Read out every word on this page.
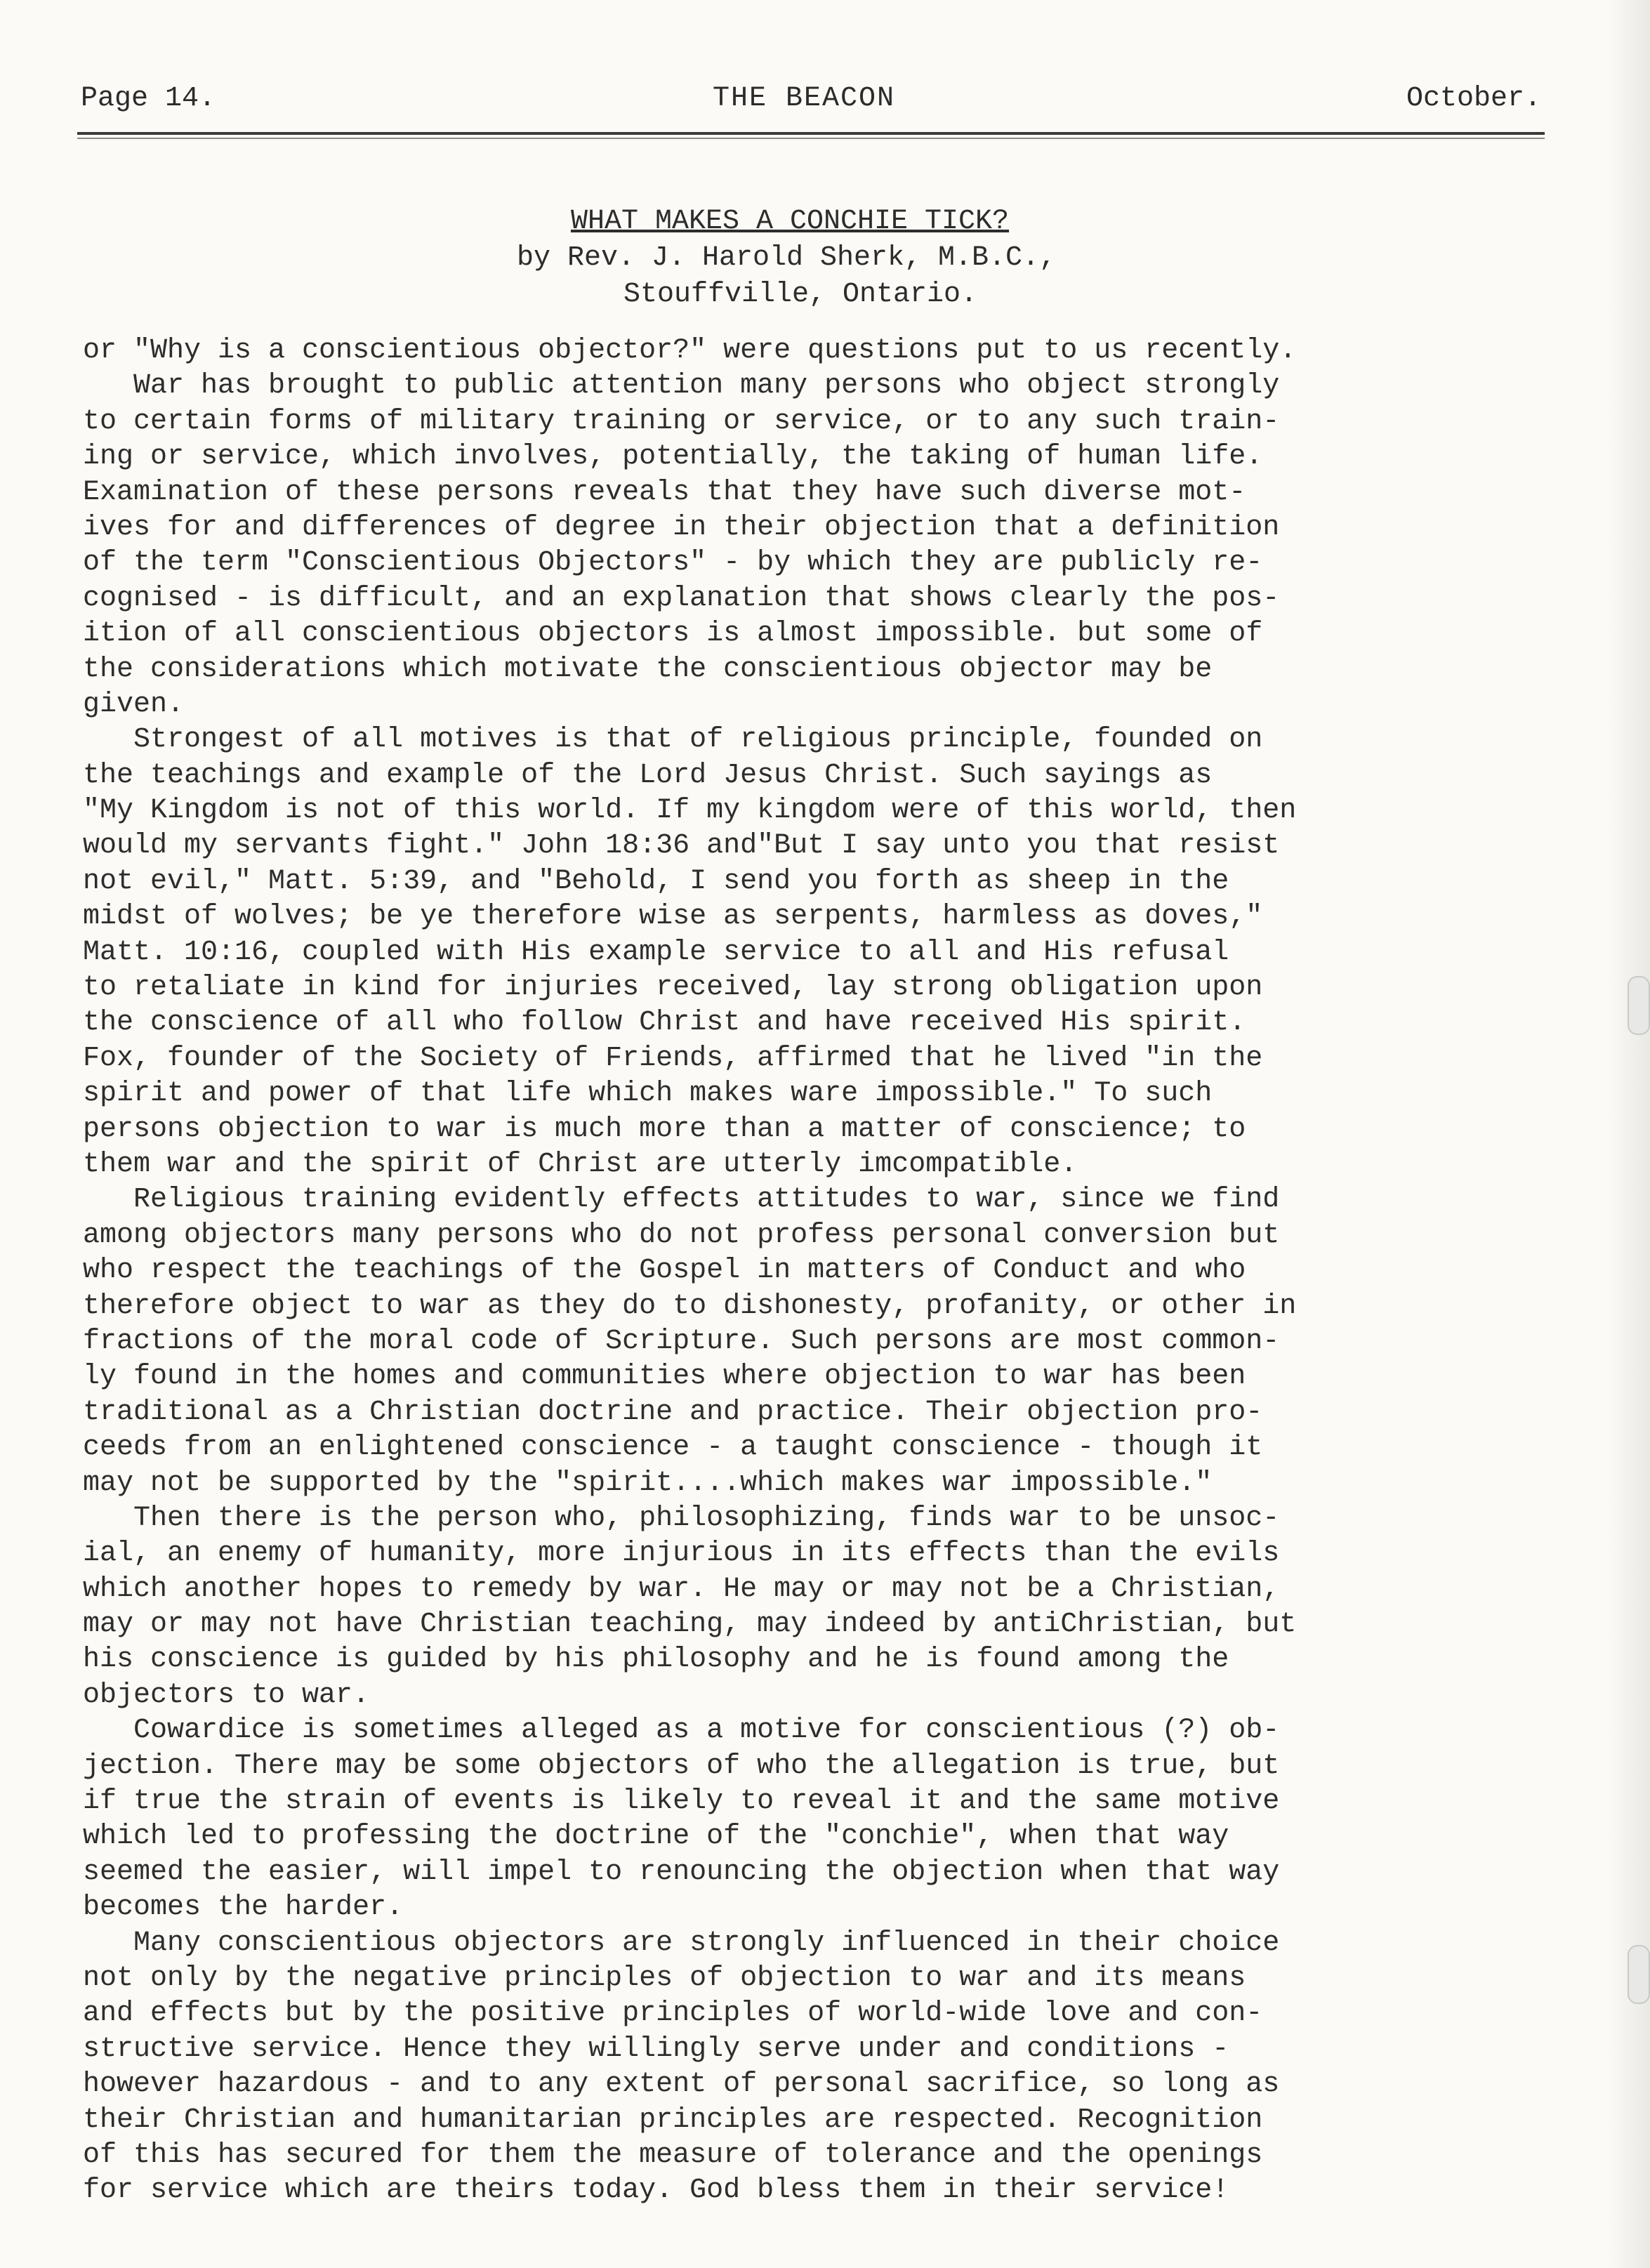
Page 14.	THE BEACON	October.
WHAT MAKES A CONCHIE TICK?
by Rev. J. Harold Sherk, M.B.C.,
Stouffville, Ontario.
or "Why is a conscientious objector?" were questions put to us recently.
War has brought to public attention many persons who object strongly
to certain forms of military training or service, or to any such train-
ing or service, which involves, potentially, the taking of human life.
Examination of these persons reveals that they have such diverse mot-
ives for and differences of degree in their objection that a definition
of the term "Conscientious Objectors" - by which they are publicly re-
cognised - is difficult, and an explanation that shows clearly the pos-
ition of all conscientious objectors is almost impossible. but some of
the considerations which motivate the conscientious objector may be
given.
Strongest of all motives is that of religious principle, founded on
the teachings and example of the Lord Jesus Christ. Such sayings as
"My Kingdom is not of this world. If my kingdom were of this world, then
would my servants fight." John 18:36 and"But I say unto you that resist
not evil," Matt. 5:39, and "Behold, I send you forth as sheep in the
midst of wolves; be ye therefore wise as serpents, harmless as doves,"
Matt. 10:16, coupled with His example service to all and His refusal
to retaliate in kind for injuries received, lay strong obligation upon
the conscience of all who follow Christ and have received His spirit.
Fox, founder of the Society of Friends, affirmed that he lived "in the
spirit and power of that life which makes ware impossible." To such
persons objection to war is much more than a matter of conscience; to
them war and the spirit of Christ are utterly imcompatible.
Religious training evidently effects attitudes to war, since we find
among objectors many persons who do not profess personal conversion but
who respect the teachings of the Gospel in matters of Conduct and who
therefore object to war as they do to dishonesty, profanity, or other in
fractions of the moral code of Scripture. Such persons are most common-
ly found in the homes and communities where objection to war has been
traditional as a Christian doctrine and practice. Their objection pro-
ceeds from an enlightened conscience - a taught conscience - though it
may not be supported by the "spirit....which makes war impossible."
Then there is the person who, philosophizing, finds war to be unsoc-
ial, an enemy of humanity, more injurious in its effects than the evils
which another hopes to remedy by war. He may or may not be a Christian,
may or may not have Christian teaching, may indeed by antiChristian, but
his conscience is guided by his philosophy and he is found among the
objectors to war.
Cowardice is sometimes alleged as a motive for conscientious (?) ob-
jection. There may be some objectors of who the allegation is true, but
if true the strain of events is likely to reveal it and the same motive
which led to professing the doctrine of the "conchie", when that way
seemed the easier, will impel to renouncing the objection when that way
becomes the harder.
Many conscientious objectors are strongly influenced in their choice
not only by the negative principles of objection to war and its means
and effects but by the positive principles of world-wide love and con-
structive service. Hence they willingly serve under and conditions -
however hazardous - and to any extent of personal sacrifice, so long as
their Christian and humanitarian principles are respected. Recognition
of this has secured for them the measure of tolerance and the openings
for service which are theirs today. God bless them in their service!
